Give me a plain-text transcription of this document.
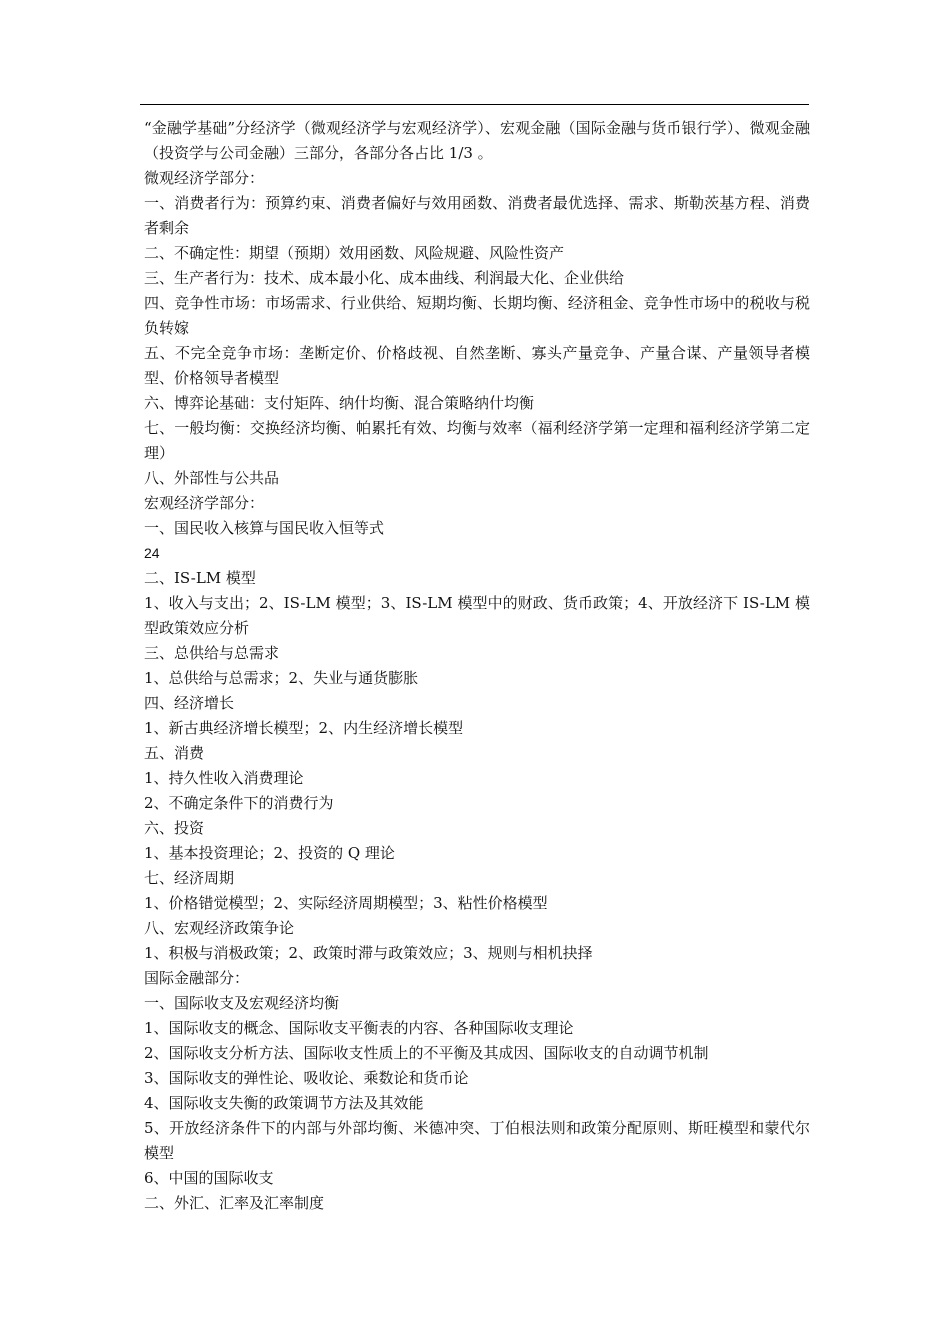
“金融学基础”分经济学（微观经济学与宏观经济学）、宏观金融（国际金融与货币银行学）、微观金融（投资学与公司金融）三部分，各部分各占比 1/3 。

微观经济学部分：

一、消费者行为：预算约束、消费者偏好与效用函数、消费者最优选择、需求、斯勒茨基方程、消费者剩余

二、不确定性：期望（预期）效用函数、风险规避、风险性资产

三、生产者行为：技术、成本最小化、成本曲线、利润最大化、企业供给

四、竞争性市场：市场需求、行业供给、短期均衡、长期均衡、经济租金、竞争性市场中的税收与税负转嫁

五、不完全竞争市场：垄断定价、价格歧视、自然垄断、寡头产量竞争、产量合谋、产量领导者模型、价格领导者模型

六、博弈论基础：支付矩阵、纳什均衡、混合策略纳什均衡

七、一般均衡：交换经济均衡、帕累托有效、均衡与效率（福利经济学第一定理和福利经济学第二定理）

八、外部性与公共品

宏观经济学部分：

一、国民收入核算与国民收入恒等式

24

二、IS-LM 模型

1、收入与支出；2、IS-LM 模型；3、IS-LM 模型中的财政、货币政策；4、开放经济下 IS-LM 模型政策效应分析

三、总供给与总需求

1、总供给与总需求；2、失业与通货膨胀

四、经济增长

1、新古典经济增长模型；2、内生经济增长模型

五、消费

1、持久性收入消费理论

2、不确定条件下的消费行为

六、投资

1、基本投资理论；2、投资的 Q 理论

七、经济周期

1、价格错觉模型；2、实际经济周期模型；3、粘性价格模型

八、宏观经济政策争论

1、积极与消极政策；2、政策时滞与政策效应；3、规则与相机抉择

国际金融部分：

一、国际收支及宏观经济均衡

1、国际收支的概念、国际收支平衡表的内容、各种国际收支理论

2、国际收支分析方法、国际收支性质上的不平衡及其成因、国际收支的自动调节机制

3、国际收支的弹性论、吸收论、乘数论和货币论

4、国际收支失衡的政策调节方法及其效能

5、开放经济条件下的内部与外部均衡、米德冲突、丁伯根法则和政策分配原则、斯旺模型和蒙代尔模型

6、中国的国际收支

二、外汇、汇率及汇率制度
